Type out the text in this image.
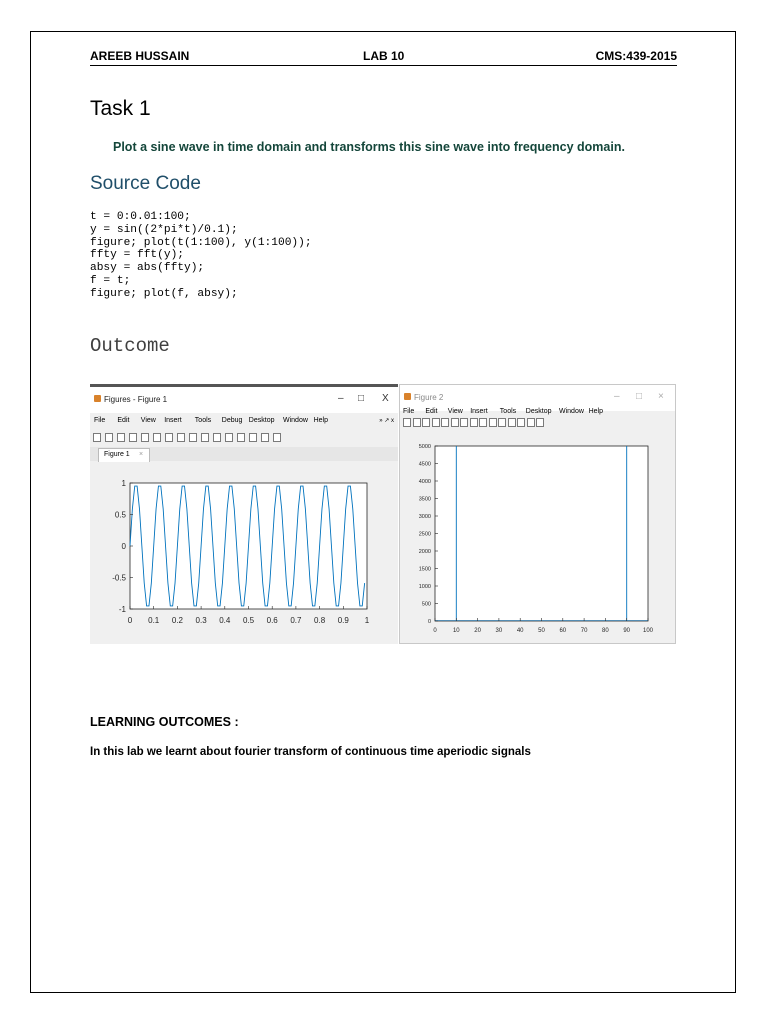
AREEB HUSSAIN	LAB 10	CMS:439-2015
Task 1
Plot a sine wave in time domain and transforms this sine wave into frequency domain.
Source Code
t = 0:0.01:100;
y = sin((2*pi*t)/0.1);
figure; plot(t(1:100), y(1:100));
ffty = fft(y);
absy = abs(ffty);
f = t;
figure; plot(f, absy);
Outcome
Figures - Figure 1	– □ X
» ↗ x
File Edit View Insert Tools Debug Desktop Window Help
Figure 1 ×
0 0.1 0.2 0.3 0.4 0.5 0.6 0.7 0.8 0.9 1
-1
-0.5
0
0.5
1
Figure 2	– □ ×
File Edit View Insert Tools Desktop Window Help
0	10 20 30 40 50 60 70 80 90 100
0
500
1000
1500
2000
2500
3000
3500
4000
4500
5000
LEARNING OUTCOMES :
In this lab we learnt about fourier transform of continuous time aperiodic signals
